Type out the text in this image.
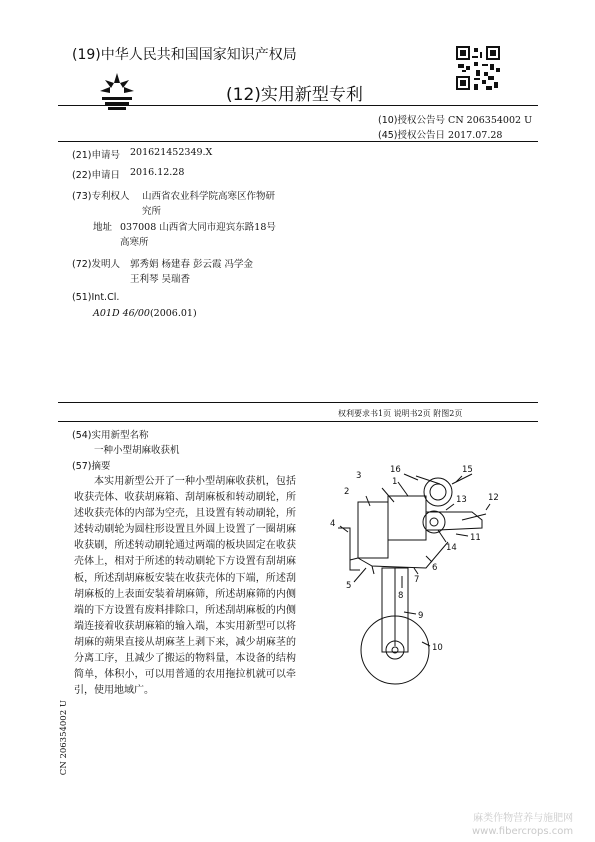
(19)中华人民共和国国家知识产权局
(12)实用新型专利
(10)授权公告号 CN 206354002 U
(45)授权公告日 2017.07.28
(21)申请号 201621452349.X
(22)申请日 2016.12.28
(73)专利权人 山西省农业科学院高寒区作物研
究所
地址 037008 山西省大同市迎宾东路18号
高寒所
(72)发明人 郭秀娟 杨建春 彭云霞 冯学金
王利琴 吴瑞香
(51)Int.Cl.
A01D 46/00(2006.01)
权利要求书1页 说明书2页 附图2页
(54)实用新型名称
一种小型胡麻收获机
(57)摘要
本实用新型公开了一种小型胡麻收获机，包括收获壳体、收获胡麻箱、刮胡麻板和转动刷轮，所述收获壳体的内部为空壳，且设置有转动刷轮，所述转动刷轮为圆柱形设置且外圆上设置了一圈胡麻收获刷，所述转动刷轮通过两端的板块固定在收获壳体上，相对于所述的转动刷轮下方设置有刮胡麻板，所述刮胡麻板安装在收获壳体的下端，所述刮胡麻板的上表面安装着胡麻筛，所述胡麻筛的内侧端的下方设置有废料排除口，所述刮胡麻板的内侧端连接着收获胡麻箱的输入端，本实用新型可以将胡麻的蒴果直接从胡麻茎上剥下来，减少胡麻茎的分离工序，且减少了搬运的物料量，本设备的结构简单，体积小，可以用普通的农用拖拉机就可以牵引，使用地域广。
1
2
3
4
5
6
7
8
9
10
11
12
13
14
15
16
CN 206354002 U
麻类作物营养与施肥网
www.fibercrops.com
